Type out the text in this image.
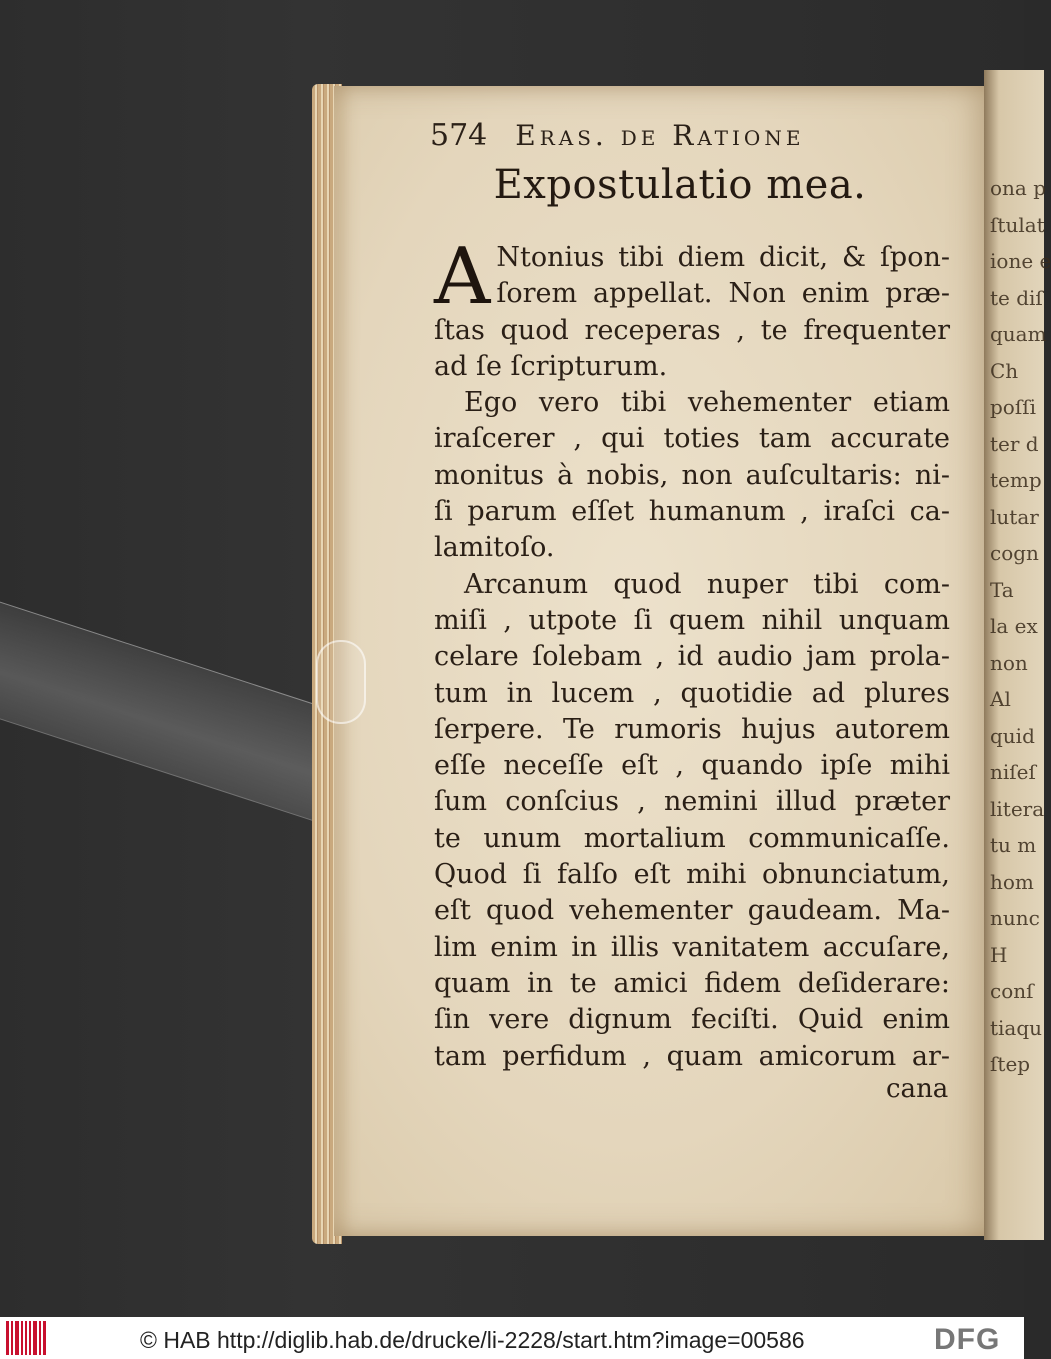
ona p
ſtulat
ione e
te diſ
quam
Ch
poſſi
ter d
temp
lutar
cogn
Ta
la ex
non
Al
quid
niſeſ
litera
tu m
hom
nunc
H
conſ
tiaqu
ſtep
574 Eras. de Ratione
Expostulatio mea.
A Ntonius tibi diem dicit, & ſpon-
ſorem appellat. Non enim præ-
ſtas quod receperas , te frequenter
ad ſe ſcripturum.
Ego vero tibi vehementer etiam
iraſcerer , qui toties tam accurate
monitus à nobis, non auſcultaris: ni-
ſi parum eſſet humanum , iraſci ca-
lamitoſo.
Arcanum quod nuper tibi com-
miſi , utpote ſi quem nihil unquam
celare ſolebam , id audio jam prola-
tum in lucem , quotidie ad plures
ſerpere. Te rumoris hujus autorem
eſſe neceſſe eſt , quando ipſe mihi
ſum conſcius , nemini illud præter
te unum mortalium communicaſſe.
Quod ſi falſo eſt mihi obnunciatum,
eſt quod vehementer gaudeam. Ma-
lim enim in illis vanitatem accuſare,
quam in te amici fidem deſiderare:
ſin vere dignum feciſti. Quid enim
tam perfidum , quam amicorum ar-
cana
© HAB http://diglib.hab.de/drucke/li-2228/start.htm?image=00586	DFG
